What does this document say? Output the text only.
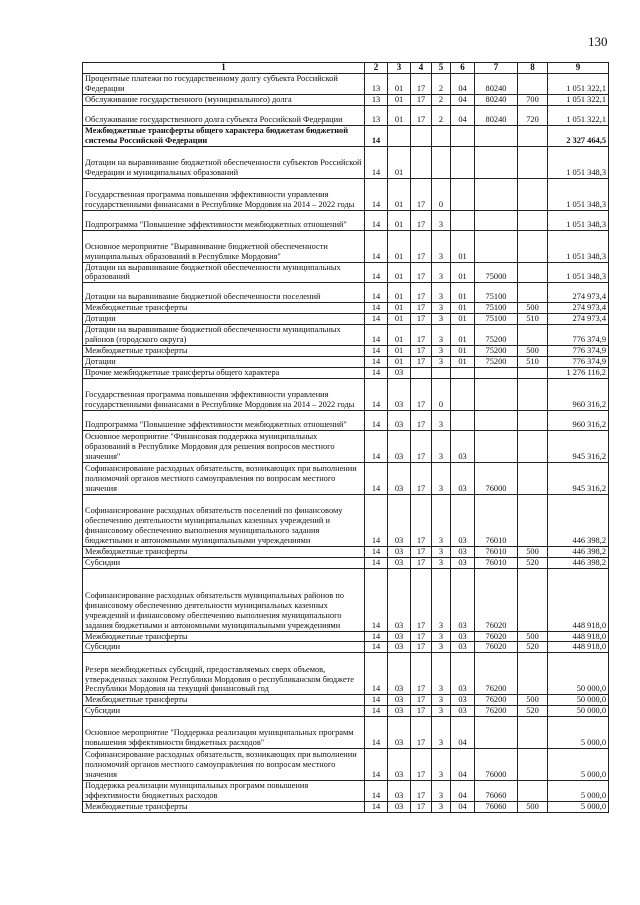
130
1	2	3	4	5	6	7	8	9
Процентные платежи по государственному долгу субъекта Российской Федерации	13	01	17	2	04	80240		1 051 322,1
Обслуживание государственного (муниципального) долга	13	01	17	2	04	80240	700	1 051 322,1
Обслуживание государственного долга субъекта Российской Федерации	13	01	17	2	04	80240	720	1 051 322,1
Межбюджетные трансферты общего характера бюджетам бюджетной системы Российской Федерации	14							2 327 464,5
Дотации на выравнивание бюджетной обеспеченности субъектов Российской Федерации и муниципальных образований	14	01						1 051 348,3
Государственная программа повышения эффективности управления государственными финансами в Республике Мордовия на 2014 – 2022 годы	14	01	17	0				1 051 348,3
Подпрограмма "Повышение эффективности межбюджетных отношений"	14	01	17	3				1 051 348,3
Основное мероприятие "Выравнивание бюджетной обеспеченности муниципальных образований в Республике Мордовия"	14	01	17	3	01			1 051 348,3
Дотации на выравнивание бюджетной обеспеченности муниципальных образований	14	01	17	3	01	75000		1 051 348,3
Дотации на выравнивание бюджетной обеспеченности поселений	14	01	17	3	01	75100		274 973,4
Межбюджетные трансферты	14	01	17	3	01	75100	500	274 973,4
Дотации	14	01	17	3	01	75100	510	274 973,4
Дотации на выравнивание бюджетной обеспеченности муниципальных районов (городского округа)	14	01	17	3	01	75200		776 374,9
Межбюджетные трансферты	14	01	17	3	01	75200	500	776 374,9
Дотации	14	01	17	3	01	75200	510	776 374,9
Прочие межбюджетные трансферты общего характера	14	03						1 276 116,2
Государственная программа повышения эффективности управления государственными финансами в Республике Мордовия на 2014 – 2022 годы	14	03	17	0				960 316,2
Подпрограмма "Повышение эффективности межбюджетных отношений"	14	03	17	3				960 316,2
Основное мероприятие "Финансовая поддержка муниципальных образований в Республике Мордовия для решения вопросов местного значения"	14	03	17	3	03			945 316,2
Софинансирование расходных обязательств, возникающих при выполнении полномочий органов местного самоуправления по вопросам местного значения	14	03	17	3	03	76000		945 316,2
Софинансирование расходных обязательств поселений по финансовому обеспечению деятельности муниципальных казенных учреждений и финансовому обеспечению выполнения муниципального задания бюджетными и автономными муниципальными учреждениями	14	03	17	3	03	76010		446 398,2
Межбюджетные трансферты	14	03	17	3	03	76010	500	446 398,2
Субсидии	14	03	17	3	03	76010	520	446 398,2
Софинансирование расходных обязательств муниципальных районов по финансовому обеспечению деятельности муниципальных казенных учреждений и финансовому обеспечению выполнения муниципального задания бюджетными и автономными муниципальными учреждениями	14	03	17	3	03	76020		448 918,0
Межбюджетные трансферты	14	03	17	3	03	76020	500	448 918,0
Субсидии	14	03	17	3	03	76020	520	448 918,0
Резерв межбюджетных субсидий, предоставляемых сверх объемов, утвержденных законом Республики Мордовия о республиканском бюджете Республики Мордовия на текущий финансовый год	14	03	17	3	03	76200		50 000,0
Межбюджетные трансферты	14	03	17	3	03	76200	500	50 000,0
Субсидии	14	03	17	3	03	76200	520	50 000,0
Основное мероприятие "Поддержка реализации муниципальных программ повышения эффективности бюджетных расходов"	14	03	17	3	04			5 000,0
Софинансирование расходных обязательств, возникающих при выполнении полномочий органов местного самоуправления по вопросам местного значения	14	03	17	3	04	76000		5 000,0
Поддержка реализации муниципальных программ повышения эффективности бюджетных расходов	14	03	17	3	04	76060		5 000,0
Межбюджетные трансферты	14	03	17	3	04	76060	500	5 000,0
